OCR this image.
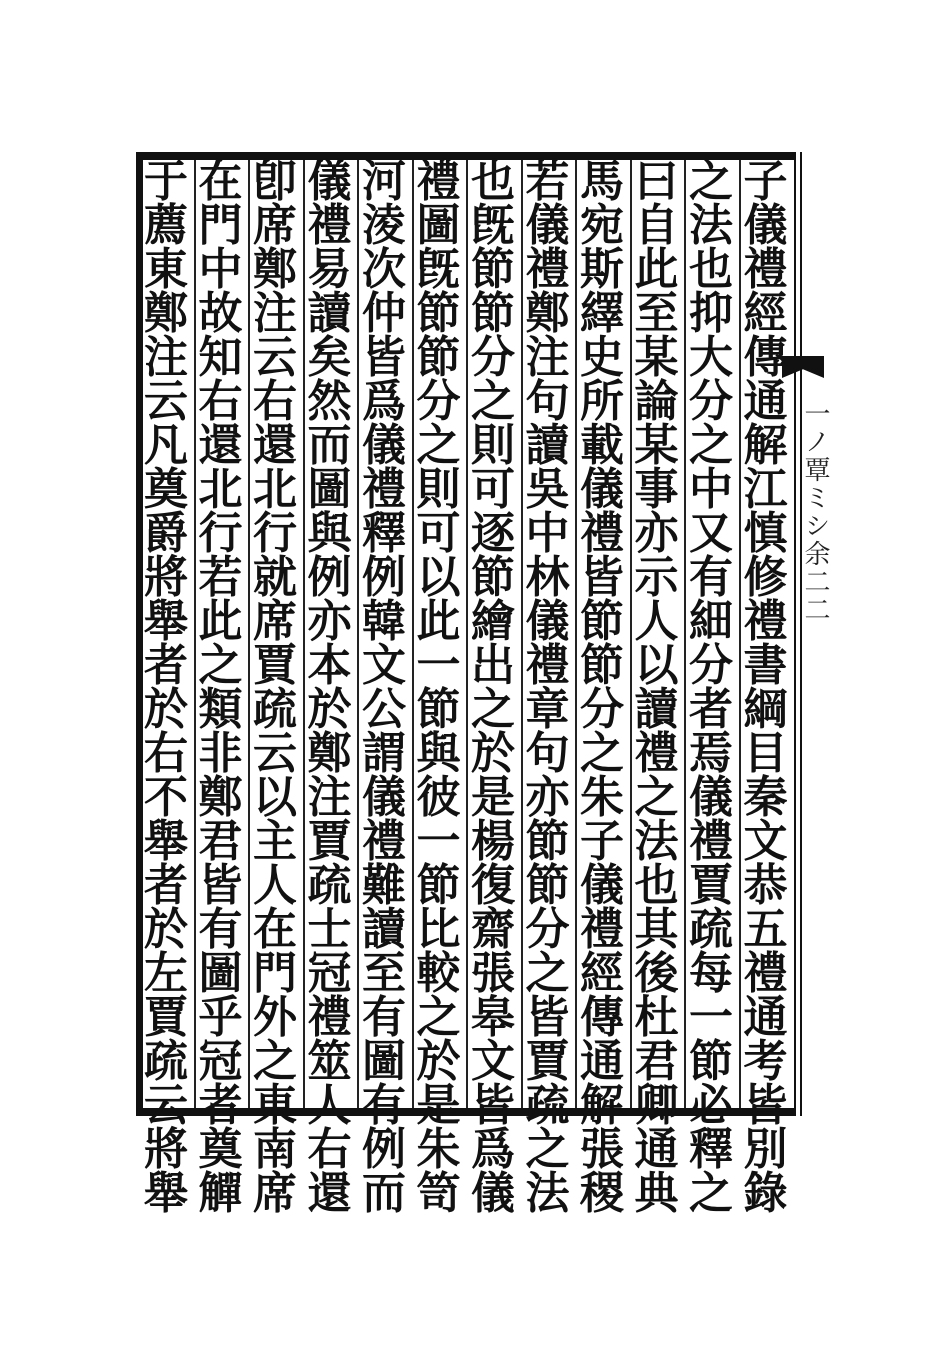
一ノ覃ミシ余二二
子
儀
禮
經
傳
通
解
江
慎
修
禮
書
綱
目
秦
文
恭
五
禮
通
考
皆
別
錄
之
法
也
抑
大
分
之
中
又
有
細
分
者
焉
儀
禮
賈
疏
每
一
節
必
釋
之
曰
自
此
至
某
論
某
事
亦
示
人
以
讀
禮
之
法
也
其
後
杜
君
卿
通
典
馬
宛
斯
繹
史
所
載
儀
禮
皆
節
節
分
之
朱
子
儀
禮
經
傳
通
解
張
稷
若
儀
禮
鄭
注
句
讀
吳
中
林
儀
禮
章
句
亦
節
節
分
之
皆
賈
疏
之
法
也
旣
節
節
分
之
則
可
逐
節
繪
出
之
於
是
楊
復
齋
張
皋
文
皆
爲
儀
禮
圖
旣
節
節
分
之
則
可
以
此
一
節
與
彼
一
節
比
較
之
於
是
朱
笥
河
淩
次
仲
皆
爲
儀
禮
釋
例
韓
文
公
謂
儀
禮
難
讀
至
有
圖
有
例
而
儀
禮
易
讀
矣
然
而
圖
與
例
亦
本
於
鄭
注
賈
疏
士
冠
禮
筮
人
右
還
卽
席
鄭
注
云
右
還
北
行
就
席
賈
疏
云
以
主
人
在
門
外
之
東
南
席
在
門
中
故
知
右
還
北
行
若
此
之
類
非
鄭
君
皆
有
圖
乎
冠
者
奠
觶
于
薦
東
鄭
注
云
凡
奠
爵
將
舉
者
於
右
不
舉
者
於
左
賈
疏
云
將
舉
